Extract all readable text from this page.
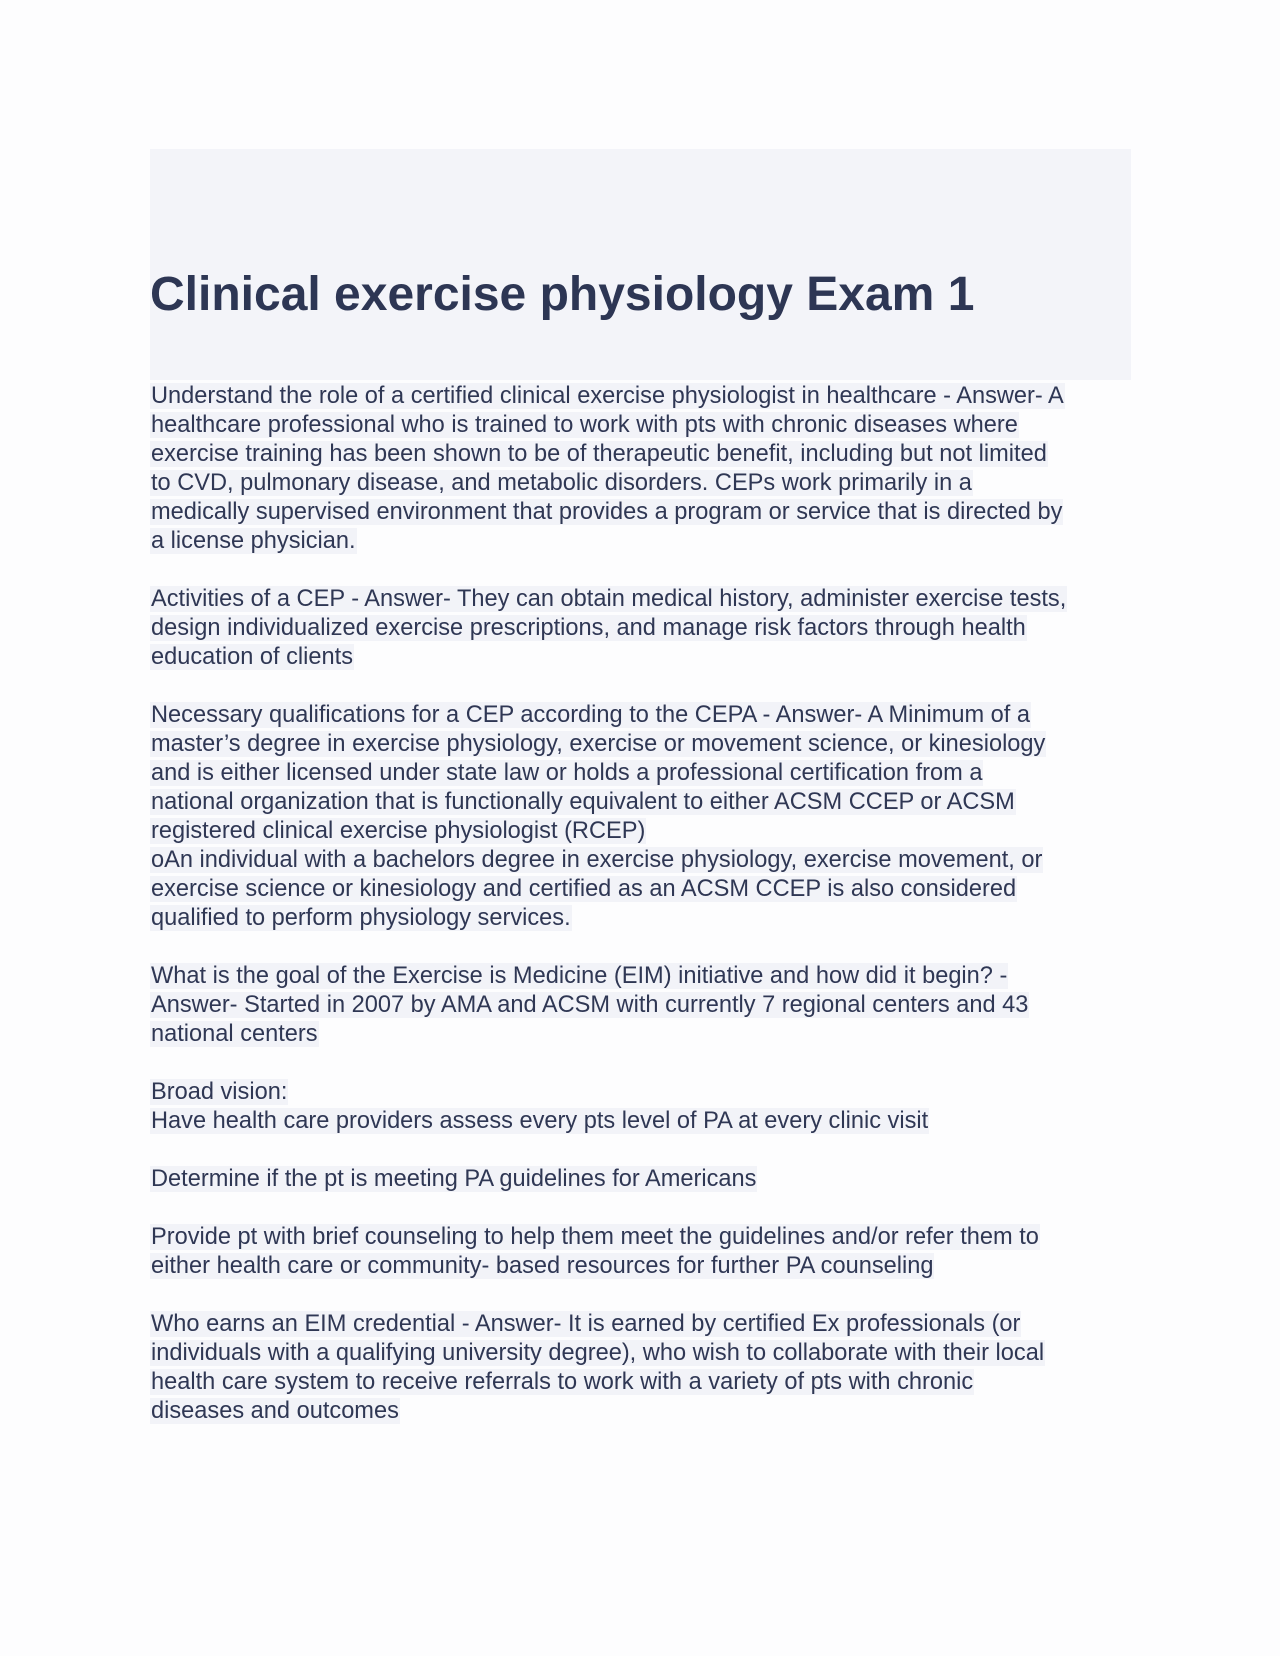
Clinical exercise physiology Exam 1

Understand the role of a certified clinical exercise physiologist in healthcare - Answer- A
healthcare professional who is trained to work with pts with chronic diseases where
exercise training has been shown to be of therapeutic benefit, including but not limited
to CVD, pulmonary disease, and metabolic disorders. CEPs work primarily in a
medically supervised environment that provides a program or service that is directed by
a license physician.

Activities of a CEP - Answer- They can obtain medical history, administer exercise tests,
design individualized exercise prescriptions, and manage risk factors through health
education of clients

Necessary qualifications for a CEP according to the CEPA - Answer- A Minimum of a
master’s degree in exercise physiology, exercise or movement science, or kinesiology
and is either licensed under state law or holds a professional certification from a
national organization that is functionally equivalent to either ACSM CCEP or ACSM
registered clinical exercise physiologist (RCEP)
oAn individual with a bachelors degree in exercise physiology, exercise movement, or
exercise science or kinesiology and certified as an ACSM CCEP is also considered
qualified to perform physiology services.

What is the goal of the Exercise is Medicine (EIM) initiative and how did it begin? -
Answer- Started in 2007 by AMA and ACSM with currently 7 regional centers and 43
national centers

Broad vision:
Have health care providers assess every pts level of PA at every clinic visit

Determine if the pt is meeting PA guidelines for Americans

Provide pt with brief counseling to help them meet the guidelines and/or refer them to
either health care or community- based resources for further PA counseling

Who earns an EIM credential - Answer- It is earned by certified Ex professionals (or
individuals with a qualifying university degree), who wish to collaborate with their local
health care system to receive referrals to work with a variety of pts with chronic
diseases and outcomes
